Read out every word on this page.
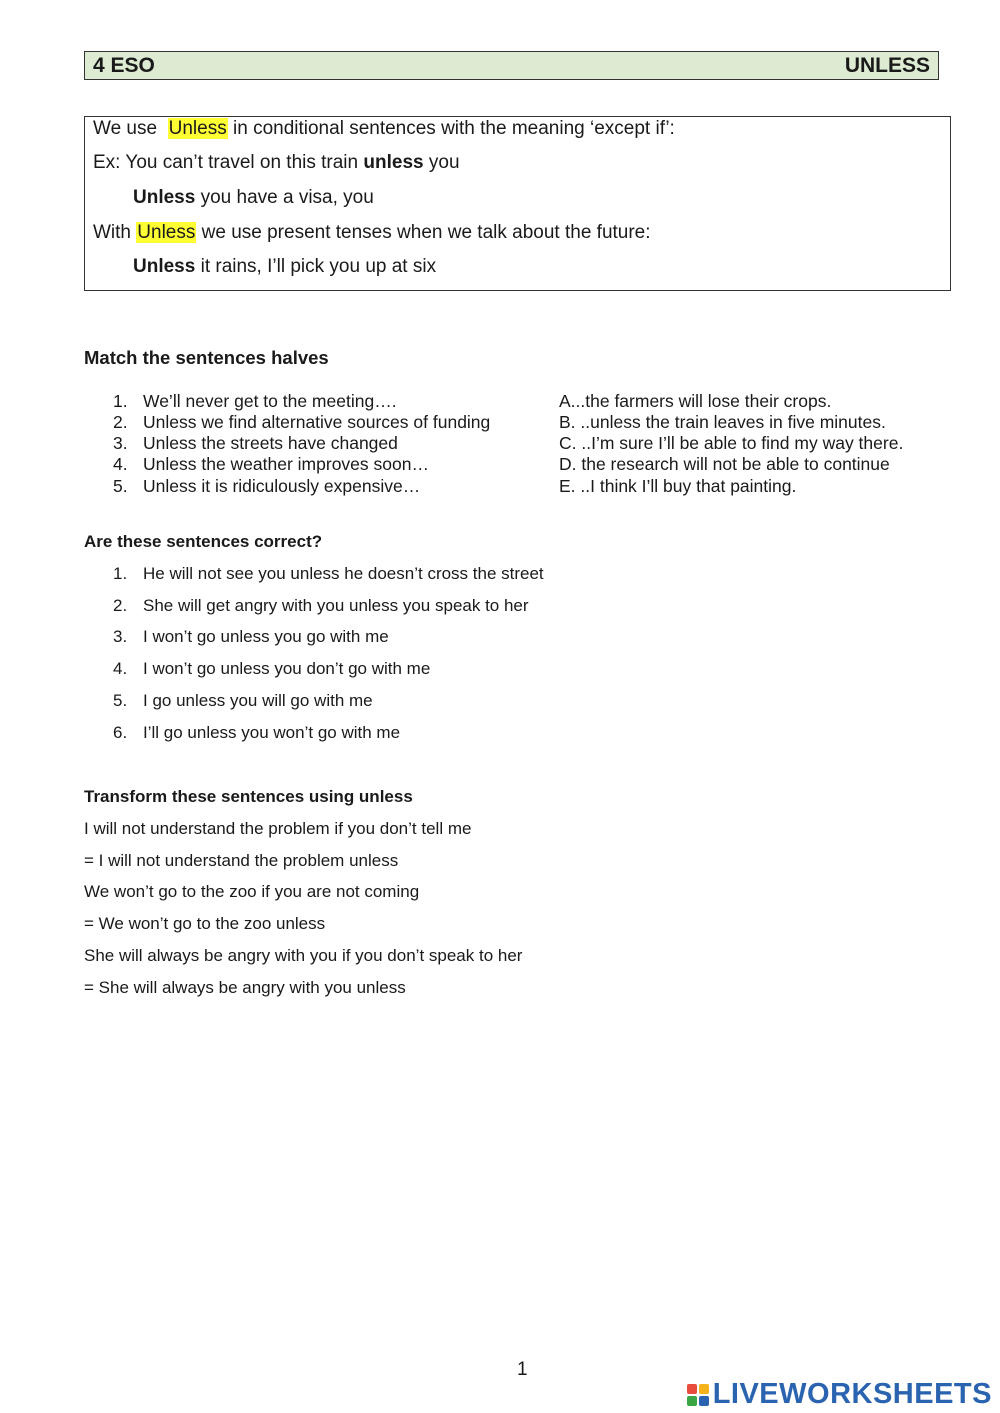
4 ESO	UNLESS
We use Unless in conditional sentences with the meaning ‘except if’:
Ex: You can’t travel on this train unless you
Unless you have a visa, you
With Unless we use present tenses when we talk about the future:
Unless it rains, I’ll pick you up at six
Match the sentences halves
1. We’ll never get to the meeting….
2. Unless we find alternative sources of funding
3. Unless the streets have changed
4. Unless the weather improves soon…
5. Unless it is ridiculously expensive…
A...the farmers will lose their crops.
B. ..unless the train leaves in five minutes.
C. ..I’m sure I’ll be able to find my way there.
D. the research will not be able to continue
E. ..I think I’ll buy that painting.
Are these sentences correct?
1. He will not see you unless he doesn’t cross the street
2. She will get angry with you unless you speak to her
3. I won’t go unless you go with me
4. I won’t go unless you don’t go with me
5. I go unless you will go with me
6. I’ll go unless you won’t go with me
Transform these sentences using unless
I will not understand the problem if you don’t tell me
= I will not understand the problem unless
We won’t go to the zoo if you are not coming
= We won’t go to the zoo unless
She will always be angry with you if you don’t speak to her
= She will always be angry with you unless
1
LIVEWORKSHEETS
